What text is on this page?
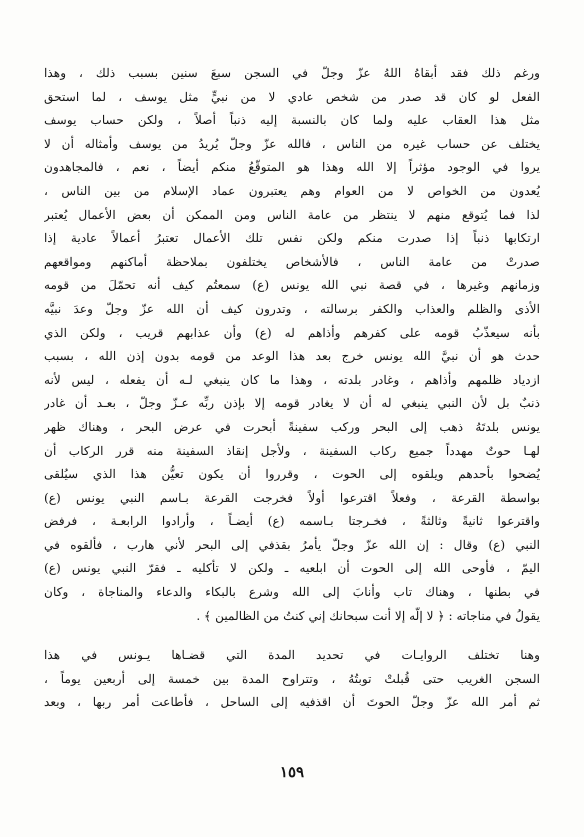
ورغم ذلك فقد أبقاهُ اللهُ عزّ وجلّ في السجن سبعَ سنين بسبب ذلك ، وهذا
الفعل لو كان قد صدر من شخص عادي لا من نبيٍّ مثل يوسف ، لما استحق
مثل هذا العقاب عليه ولما كان بالنسبة إليه ذنباً أصلاً ، ولكن حساب يوسف
يختلف عن حساب غيره من الناس ، فالله عزّ وجلّ يُريدُ من يوسف وأمثاله أن لا
يروا في الوجود مؤثراً إلا الله وهذا هو المتوقّعُ منكم أيضاً ، نعم ، فالمجاهدون
يُعدون من الخواص لا من العوام وهم يعتبرون عماد الإسلام من بين الناس ،
لذا فما يُتوقع منهم لا ينتظر من عامة الناس ومن الممكن أن بعض الأعمال يُعتبر
ارتكابها ذنباً إذا صدرت منكم ولكن نفس تلك الأعمال تعتبرُ أعمالاً عادية إذا
صدرتْ من عامة الناس ، فالأشخاص يختلفون بملاحظة أماكنهم ومواقعهم
وزمانهم وغيرها ، في قصة نبي الله يونس (ع) سمعتُم كيف أنه تحمّلَ من قومه
الأذى والظلم والعذاب والكفر برسالته ، وتدرون كيف أن الله عزّ وجلّ وعدَ نبيَّه
بأنه سيعذّبُ قومه على كفرهم وأذاهم له (ع) وأن عذابهم قريب ، ولكن الذي
حدث هو أن نبيَّ الله يونس خرج بعد هذا الوعد من قومه بدون إذن الله ، بسبب
ازدياد ظلمهم وأذاهم ، وغادر بلدته ، وهذا ما كان ينبغي لـه أن يفعله ، ليس لأنه
ذنبٌ بل لأن النبي ينبغي له أن لا يغادر قومه إلا بإذن ربِّه عـزّ وجلّ ، بعـد أن غادر
يونس بلدتَهُ ذهب إلى البحر وركب سفينةً أبحرت في عرض البحر ، وهناك ظهر
لهـا حوتٌ مهدداً جميع ركاب السفينة ، ولأجل إنقاذ السفينة منه قرر الركاب أن
يُضحوا بأحدهم ويلقوه إلى الحوت ، وقرروا أن يكون تعيُّن هذا الذي سيُلقى
بواسطة القرعة ، وفعلاً اقترعوا أولاً فخرجت القرعة بـاسم النبي يونس (ع)
واقترعوا ثانيةً وثالثةً ، فخـرجتا بـاسمه (ع) أيضـاً ، وأرادوا الرابعـة ، فرفض
النبي (ع) وقال : إن الله عزّ وجلّ يأمرُ بقذفي إلى البحر لأني هارب ، فألقوه في
اليمّ ، فأوحى الله إلى الحوت أن ابلعيه ـ ولكن لا تأكليه ـ فقرّ النبي يونس (ع)
في بطنها ، وهناك تاب وأنابَ إلى الله وشرع بالبكاء والدعاء والمناجاة ، وكان
يقولُ في مناجاته : ﴿ لا إلّه إلا أنت سبحانك إني كنتُ من الظالمين ﴾ .
وهنا تختلف الروايـات في تحديد المدة التي قضـاها يـونس في هذا
السجن الغريب حتى قُبلتْ توبتُهُ ، وتتراوح المدة بين خمسة إلى أربعين يوماً ،
ثم أمر الله عزّ وجلّ الحوتَ أن اقذفيه إلى الساحل ، فأطاعت أمر ربها ، وبعد
١٥٩
